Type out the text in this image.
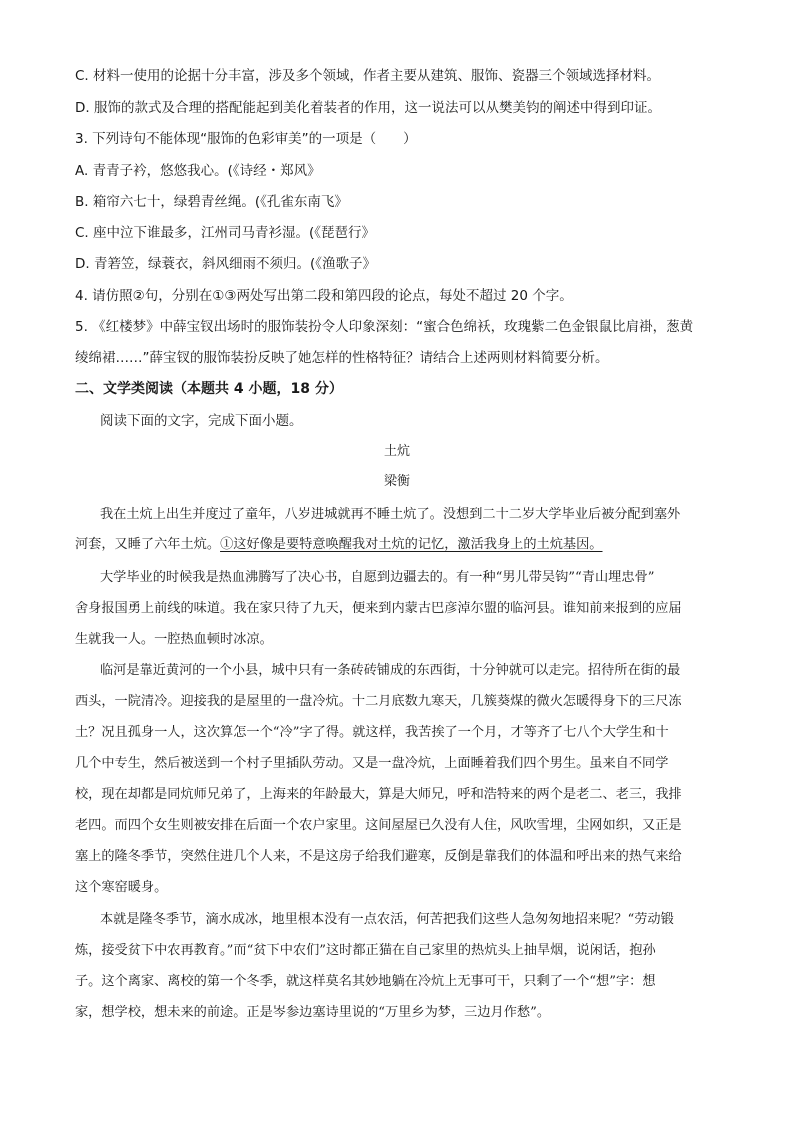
C. 材料一使用的论据十分丰富，涉及多个领域，作者主要从建筑、服饰、瓷器三个领域选择材料。
D. 服饰的款式及合理的搭配能起到美化着装者的作用，这一说法可以从樊美钧的阐述中得到印证。
3. 下列诗句不能体现“服饰的色彩审美”的一项是（　　）
A. 青青子衿，悠悠我心。(《诗经・郑风》
B. 箱帘六七十，绿碧青丝绳。(《孔雀东南飞》
C. 座中泣下谁最多，江州司马青衫湿。(《琵琶行》
D. 青箬笠，绿蓑衣，斜风细雨不须归。(《渔歌子》
4. 请仿照②句，分别在①③两处写出第二段和第四段的论点，每处不超过 20 个字。
5. 《红楼梦》中薛宝钗出场时的服饰装扮令人印象深刻：“蜜合色绵袄，玫瑰紫二色金银鼠比肩褂，葱黄
绫绵裙……”薛宝钗的服饰装扮反映了她怎样的性格特征？请结合上述两则材料简要分析。
二、文学类阅读（本题共 4 小题，18 分）
阅读下面的文字，完成下面小题。
土炕
梁衡
我在土炕上出生并度过了童年，八岁进城就再不睡土炕了。没想到二十二岁大学毕业后被分配到塞外
河套，又睡了六年土炕。①这好像是要特意唤醒我对土炕的记忆，激活我身上的土炕基因。
大学毕业的时候我是热血沸腾写了决心书，自愿到边疆去的。有一种“男儿带吴钩”“青山埋忠骨”
舍身报国勇上前线的味道。我在家只待了九天，便来到内蒙古巴彦淖尔盟的临河县。谁知前来报到的应届
生就我一人。一腔热血顿时冰凉。
临河是靠近黄河的一个小县，城中只有一条砖砖铺成的东西街，十分钟就可以走完。招待所在街的最
西头，一院清冷。迎接我的是屋里的一盘冷炕。十二月底数九寒天，几簇葵煤的微火怎暖得身下的三尺冻
土？况且孤身一人，这次算怎一个“冷”字了得。就这样，我苦挨了一个月，才等齐了七八个大学生和十
几个中专生，然后被送到一个村子里插队劳动。又是一盘冷炕，上面睡着我们四个男生。虽来自不同学
校，现在却都是同炕师兄弟了，上海来的年龄最大，算是大师兄，呼和浩特来的两个是老二、老三，我排
老四。而四个女生则被安排在后面一个农户家里。这间屋屋已久没有人住，风吹雪埋，尘网如织，又正是
塞上的隆冬季节，突然住进几个人来，不是这房子给我们避寒，反倒是靠我们的体温和呼出来的热气来给
这个寒窑暖身。
本就是隆冬季节，滴水成冰，地里根本没有一点农活，何苦把我们这些人急匆匆地招来呢？“劳动锻
炼，接受贫下中农再教育。”而“贫下中农们”这时都正猫在自己家里的热炕头上抽旱烟，说闲话，抱孙
子。这个离家、离校的第一个冬季，就这样莫名其妙地躺在冷炕上无事可干，只剩了一个“想”字：想
家，想学校，想未来的前途。正是岑参边塞诗里说的“万里乡为梦，三边月作愁”。
